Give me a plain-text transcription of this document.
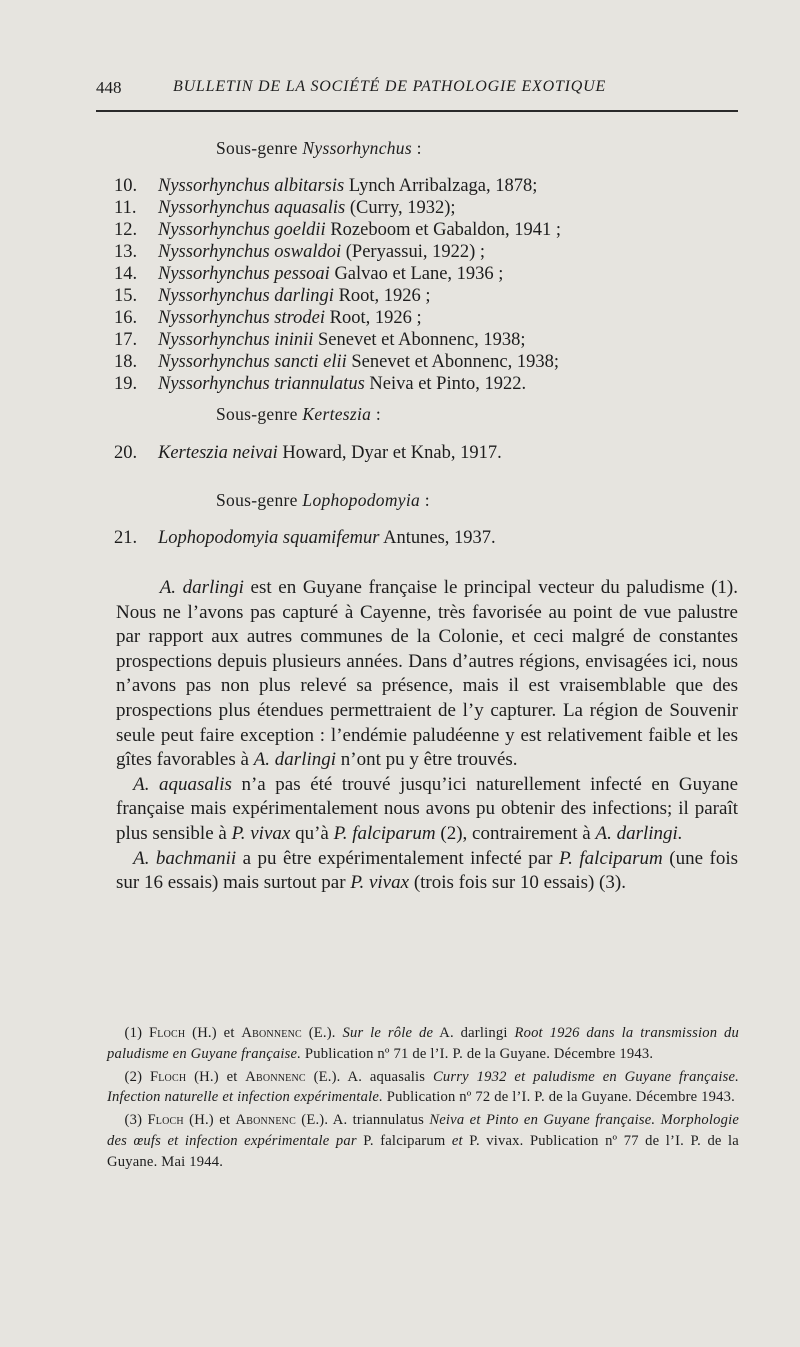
448	BULLETIN DE LA SOCIÉTÉ DE PATHOLOGIE EXOTIQUE
Sous-genre Nyssorhynchus :
10. Nyssorhynchus albitarsis Lynch Arribalzaga, 1878;
11. Nyssorhynchus aquasalis (Curry, 1932);
12. Nyssorhynchus goeldii Rozeboom et Gabaldon, 1941 ;
13. Nyssorhynchus oswaldoi (Peryassui, 1922) ;
14. Nyssorhynchus pessoai Galvao et Lane, 1936 ;
15. Nyssorhynchus darlingi Root, 1926 ;
16. Nyssorhynchus strodei Root, 1926 ;
17. Nyssorhynchus ininii Senevet et Abonnenc, 1938;
18. Nyssorhynchus sancti elii Senevet et Abonnenc, 1938;
19. Nyssorhynchus triannulatus Neiva et Pinto, 1922.
Sous-genre Kerteszia :
20. Kerteszia neivai Howard, Dyar et Knab, 1917.
Sous-genre Lophopodomyia :
21. Lophopodomyia squamifemur Antunes, 1937.

A. darlingi est en Guyane française le principal vecteur du paludisme (1). Nous ne l’avons pas capturé à Cayenne, très favorisée au point de vue palustre par rapport aux autres communes de la Colonie, et ceci malgré de constantes prospections depuis plusieurs années. Dans d’autres régions, envisagées ici, nous n’avons pas non plus relevé sa présence, mais il est vraisemblable que des prospections plus étendues permettraient de l’y capturer. La région de Souvenir seule peut faire exception : l’endémie paludéenne y est relativement faible et les gîtes favorables à A. darlingi n’ont pu y être trouvés.

A. aquasalis n’a pas été trouvé jusqu’ici naturellement infecté en Guyane française mais expérimentalement nous avons pu obtenir des infections; il paraît plus sensible à P. vivax qu’à P. falciparum (2), contrairement à A. darlingi.

A. bachmanii a pu être expérimentalement infecté par P. falciparum (une fois sur 16 essais) mais surtout par P. vivax (trois fois sur 10 essais) (3).

(1) Floch (H.) et Abonnenc (E.). Sur le rôle de A. darlingi Root 1926 dans la transmission du paludisme en Guyane française. Publication nº 71 de l’I. P. de la Guyane. Décembre 1943.

(2) Floch (H.) et Abonnenc (E.). A. aquasalis Curry 1932 et paludisme en Guyane française. Infection naturelle et infection expérimentale. Publication nº 72 de l’I. P. de la Guyane. Décembre 1943.

(3) Floch (H.) et Abonnenc (E.). A. triannulatus Neiva et Pinto en Guyane française. Morphologie des œufs et infection expérimentale par P. falciparum et P. vivax. Publication nº 77 de l’I. P. de la Guyane. Mai 1944.
